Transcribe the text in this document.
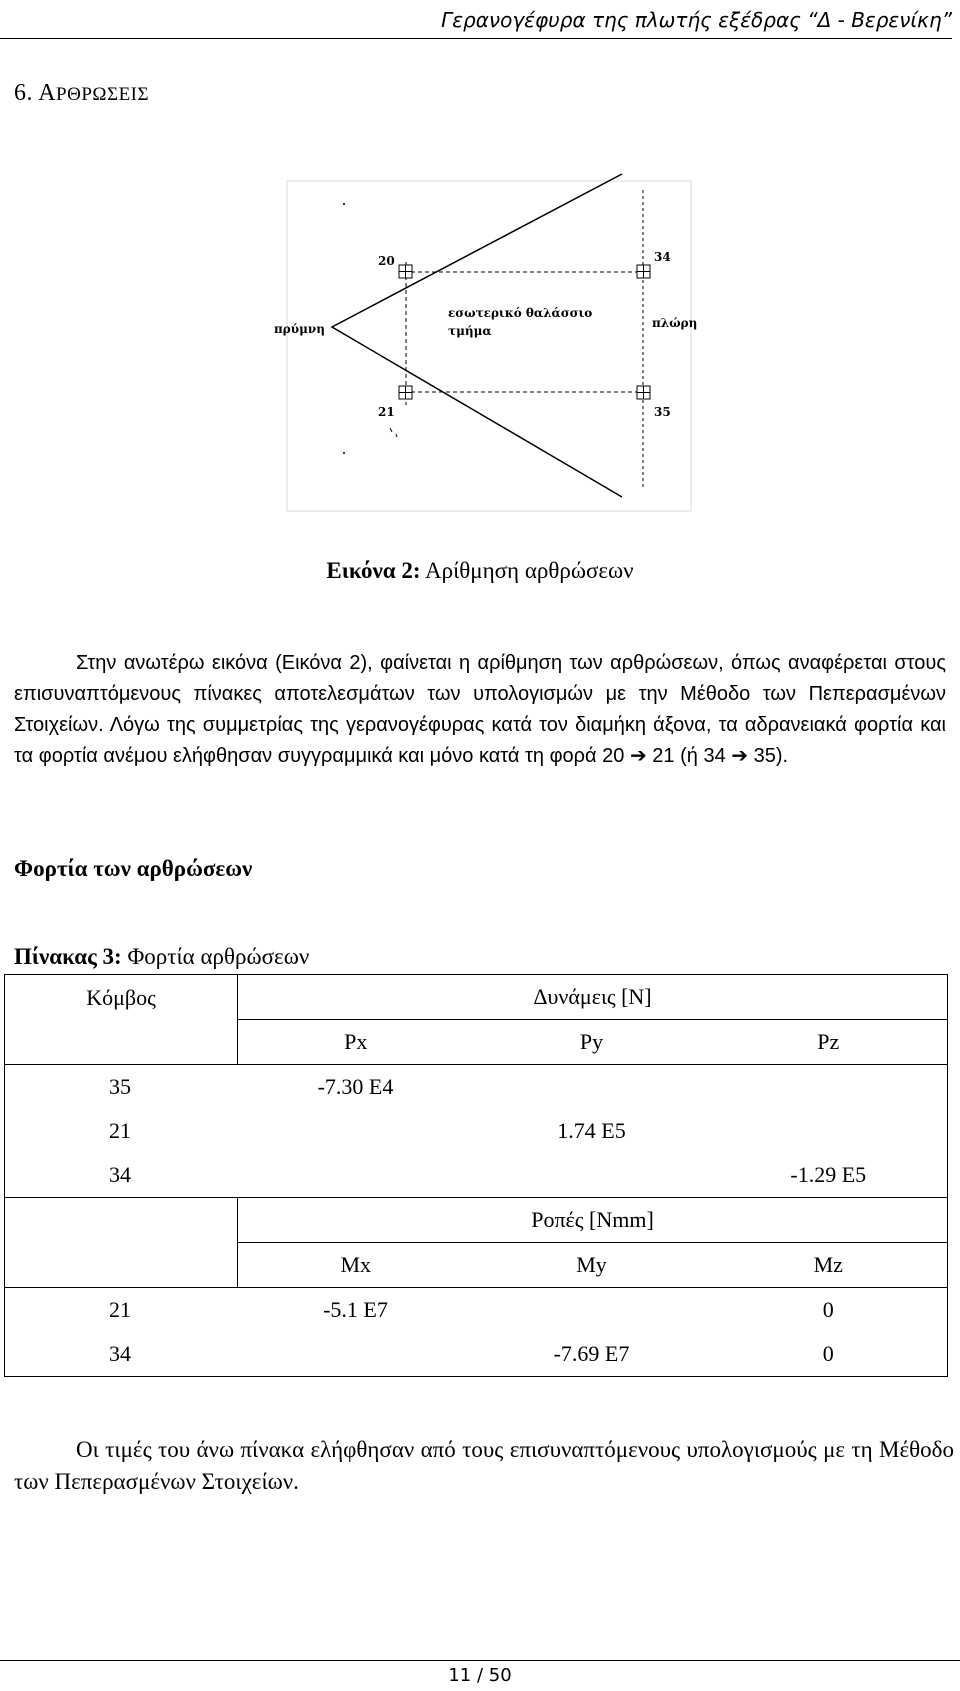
Γερανογέφυρα της πλωτής εξέδρας “Δ - Βερενίκη”
6. ΑΡΘΡΩΣΕΙΣ
20	34
21	35
πρύμνη	πλώρη
εσωτερικό θαλάσσιο
τμήμα
Εικόνα 2: Αρίθμηση αρθρώσεων
Στην ανωτέρω εικόνα (Εικόνα 2), φαίνεται η αρίθμηση των αρθρώσεων, όπως αναφέρεται στους επισυναπτόμενους πίνακες αποτελεσμάτων των υπολογισμών με την Μέθοδο των Πεπερασμένων Στοιχείων. Λόγω της συμμετρίας της γερανογέφυρας κατά τον διαμήκη άξονα, τα αδρανειακά φορτία και τα φορτία ανέμου ελήφθησαν συγγραμμικά και μόνο κατά τη φορά 20 ➔ 21 (ή 34 ➔ 35).
Φορτία των αρθρώσεων
Πίνακας 3: Φορτία αρθρώσεων
Κόμβος	Δυνάμεις [N]		
	Px	Py	Pz
35	-7.30 E4		
21		1.74 E5	
34			-1.29 E5
	Ροπές [Nmm]		
	Mx	My	Mz
21	-5.1 E7		0
34		-7.69 E7	0
Οι τιμές του άνω πίνακα ελήφθησαν από τους επισυναπτόμενους υπολογισμούς με τη Μέθοδο των Πεπερασμένων Στοιχείων.
11 / 50
